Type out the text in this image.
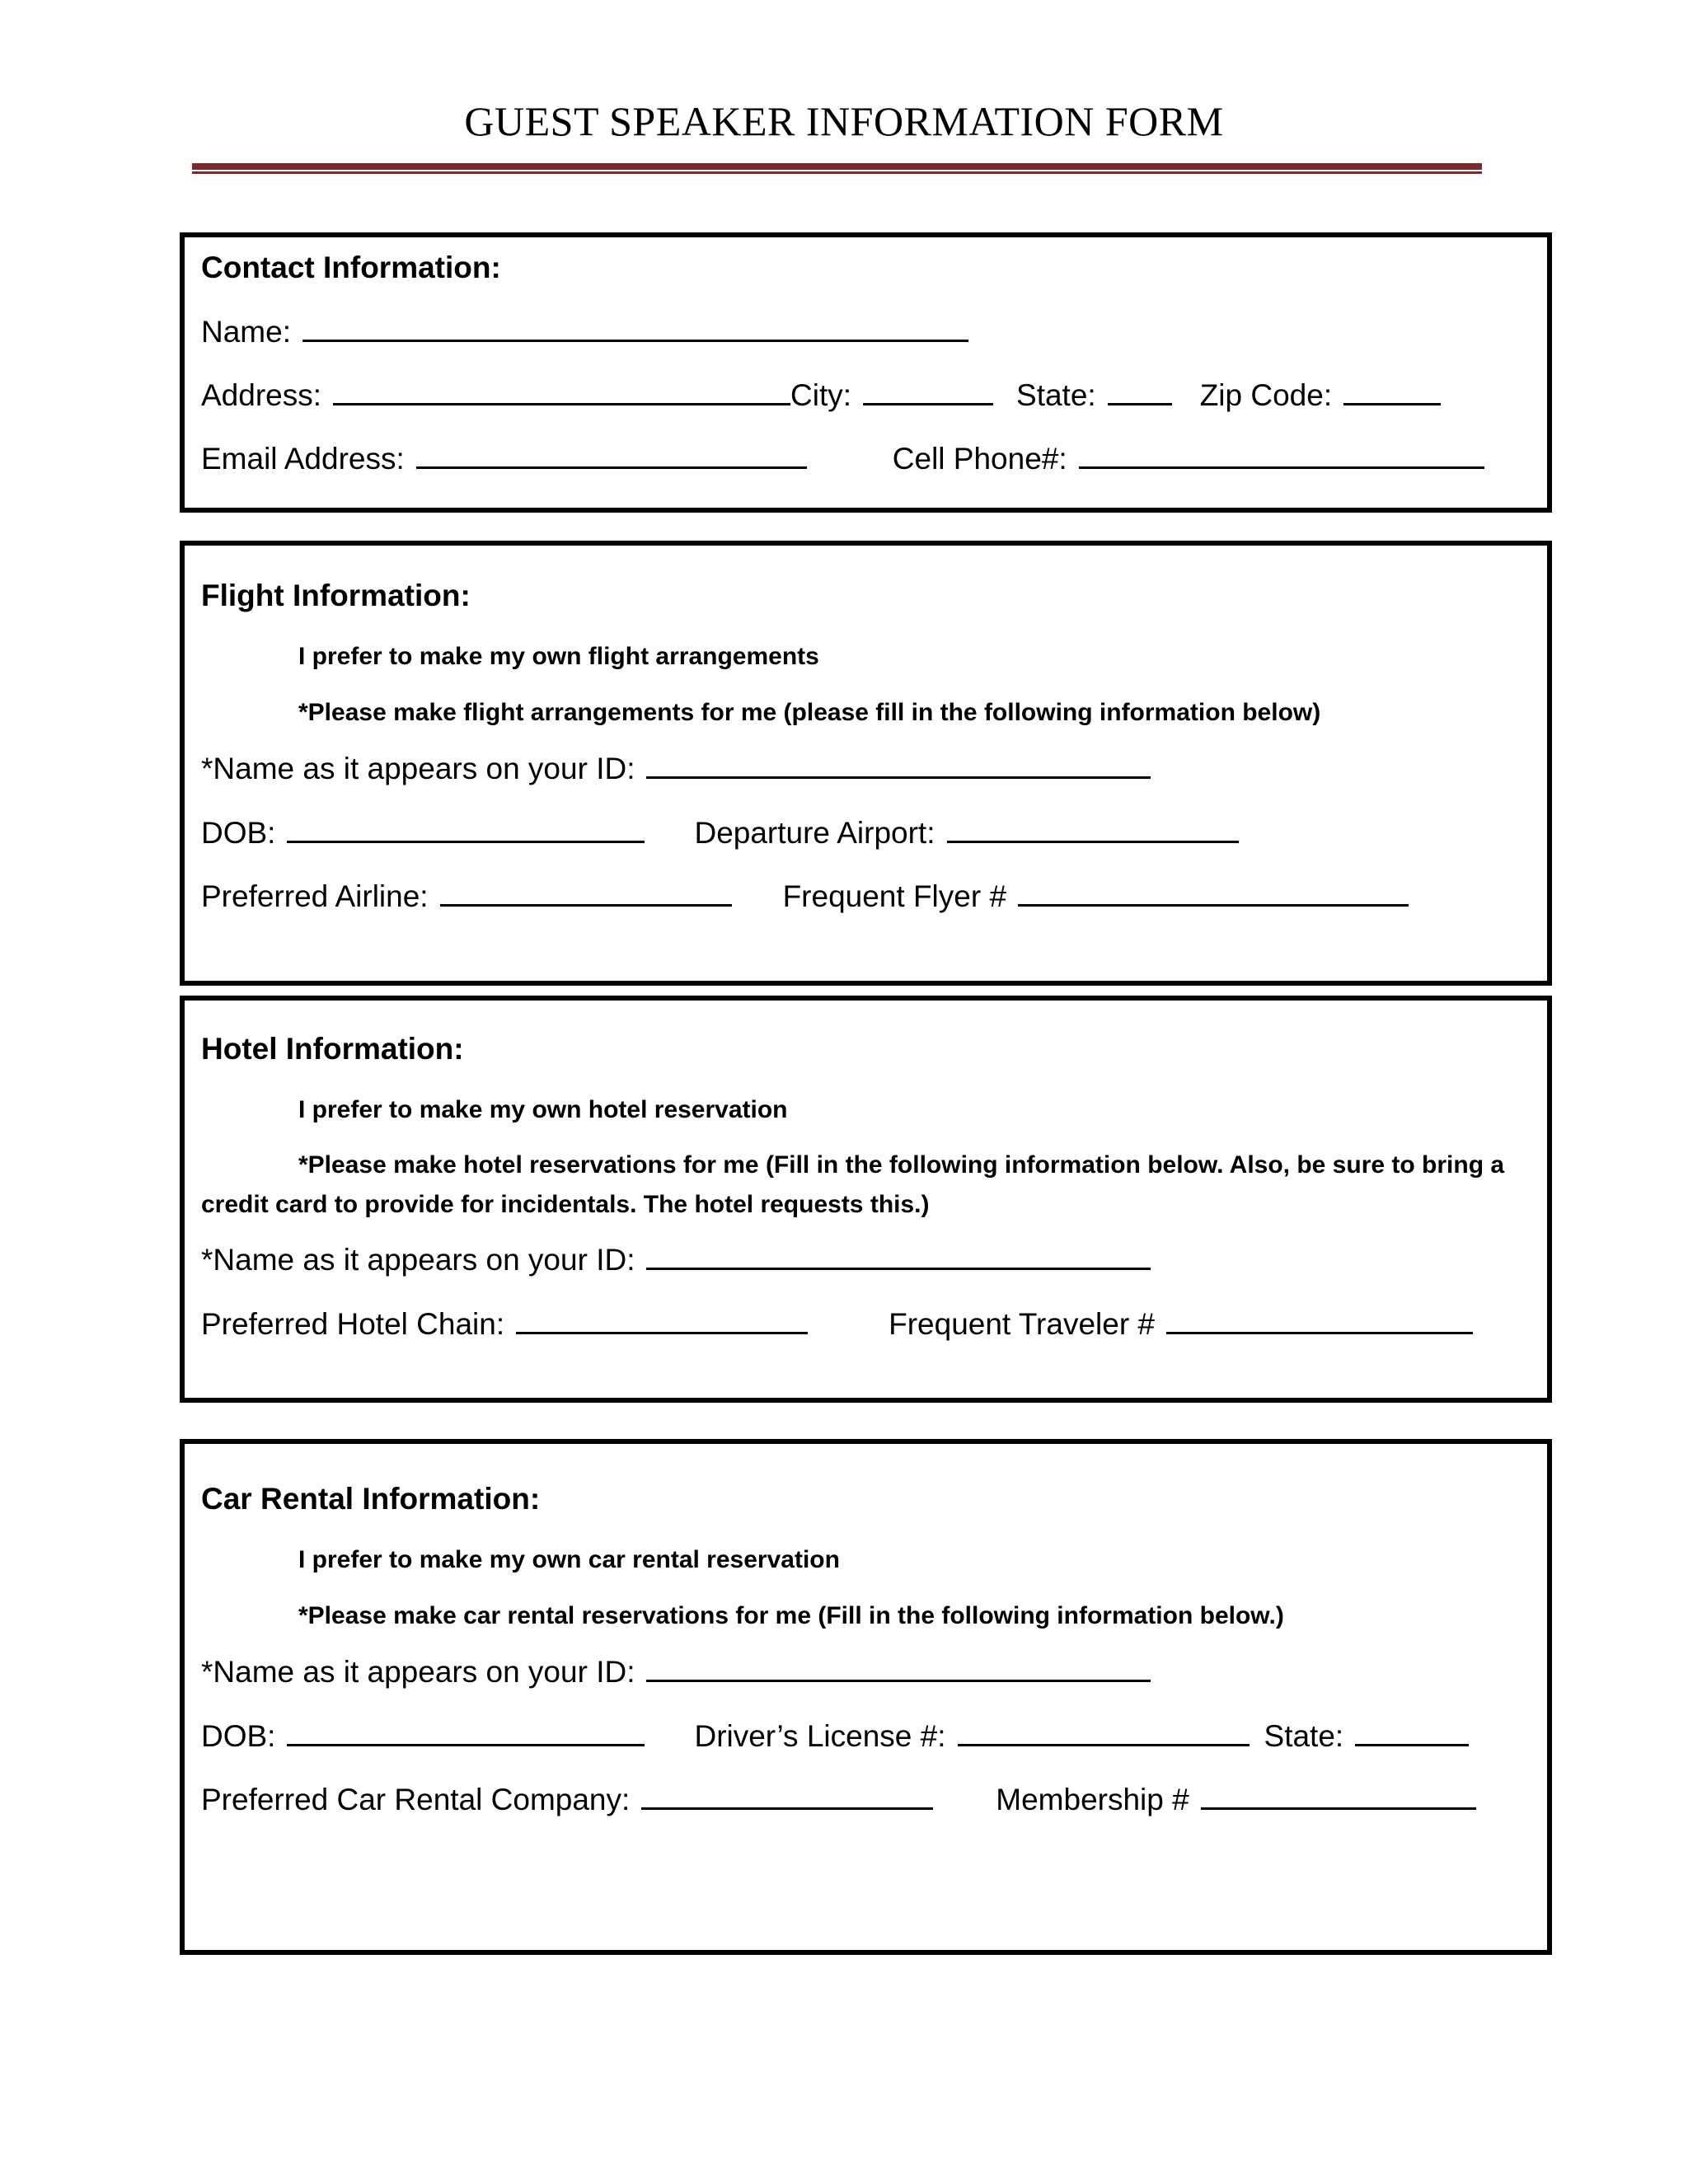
GUEST SPEAKER INFORMATION FORM
Contact Information:
Name:
Address:	City:	State:	Zip Code:
Email Address:	Cell Phone#:
Flight Information:
I prefer to make my own flight arrangements
*Please make flight arrangements for me (please fill in the following information below)
*Name as it appears on your ID:
DOB:	Departure Airport:
Preferred Airline:	Frequent Flyer #
Hotel Information:
I prefer to make my own hotel reservation
*Please make hotel reservations for me (Fill in the following information below. Also, be sure to bring a credit card to provide for incidentals. The hotel requests this.)
*Name as it appears on your ID:
Preferred Hotel Chain:	Frequent Traveler #
Car Rental Information:
I prefer to make my own car rental reservation
*Please make car rental reservations for me (Fill in the following information below.)
*Name as it appears on your ID:
DOB:	Driver’s License #:	State:
Preferred Car Rental Company:	Membership #
